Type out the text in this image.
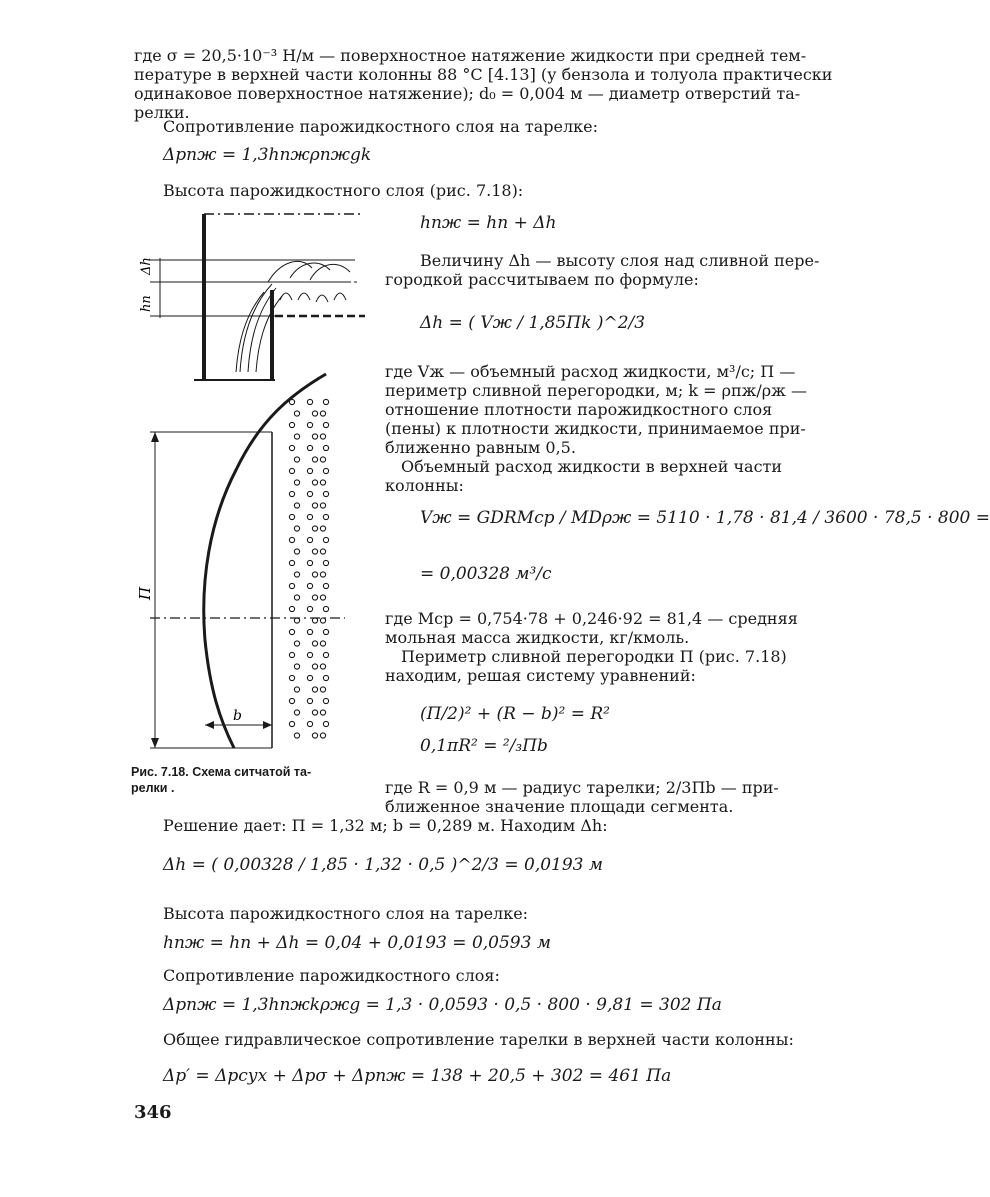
где σ = 20,5·10⁻³ Н/м — поверхностное натяжение жидкости при средней тем-
пературе в верхней части колонны 88 °С [4.13] (у бензола и толуола практически
одинаковое поверхностное натяжение); d₀ = 0,004 м — диаметр отверстий та-
релки.
Сопротивление парожидкостного слоя на тарелке:
Δpпж = 1,3hпжρпжgk
Высота парожидкостного слоя (рис. 7.18):
hпж = hп + Δh
Величину Δh — высоту слоя над сливной пере-
городкой рассчитываем по формуле:
Δh = ( Vж / 1,85Пk )^2/3
где Vж — объемный расход жидкости, м³/с; П —
периметр сливной перегородки, м; k = ρпж/ρж —
отношение плотности парожидкостного слоя
(пены) к плотности жидкости, принимаемое при-
ближенно равным 0,5.
Объемный расход жидкости в верхней части
колонны:
Vж = GDRMср / MDρж = 5110 · 1,78 · 81,4 / 3600 · 78,5 · 800 =
= 0,00328 м³/с
где Mср = 0,754·78 + 0,246·92 = 81,4 — средняя
мольная масса жидкости, кг/кмоль.
Периметр сливной перегородки П (рис. 7.18)
находим, решая систему уравнений:
(П/2)² + (R − b)² = R²
0,1πR² = ²/₃Пb
где R = 0,9 м — радиус тарелки; 2/3Пb — при-
ближенное значение площади сегмента.
Решение дает: П = 1,32 м; b = 0,289 м. Находим Δh:
Δh = ( 0,00328 / 1,85 · 1,32 · 0,5 )^2/3 = 0,0193 м
Высота парожидкостного слоя на тарелке:
hпж = hп + Δh = 0,04 + 0,0193 = 0,0593 м
Сопротивление парожидкостного слоя:
Δpпж = 1,3hпжkρжg = 1,3 · 0,0593 · 0,5 · 800 · 9,81 = 302 Па
Общее гидравлическое сопротивление тарелки в верхней части колонны:
Δp′ = Δpсух + Δpσ + Δpпж = 138 + 20,5 + 302 = 461 Па
346
Рис. 7.18. Схема ситчатой та-
релки .
Δh
hп
П
b
